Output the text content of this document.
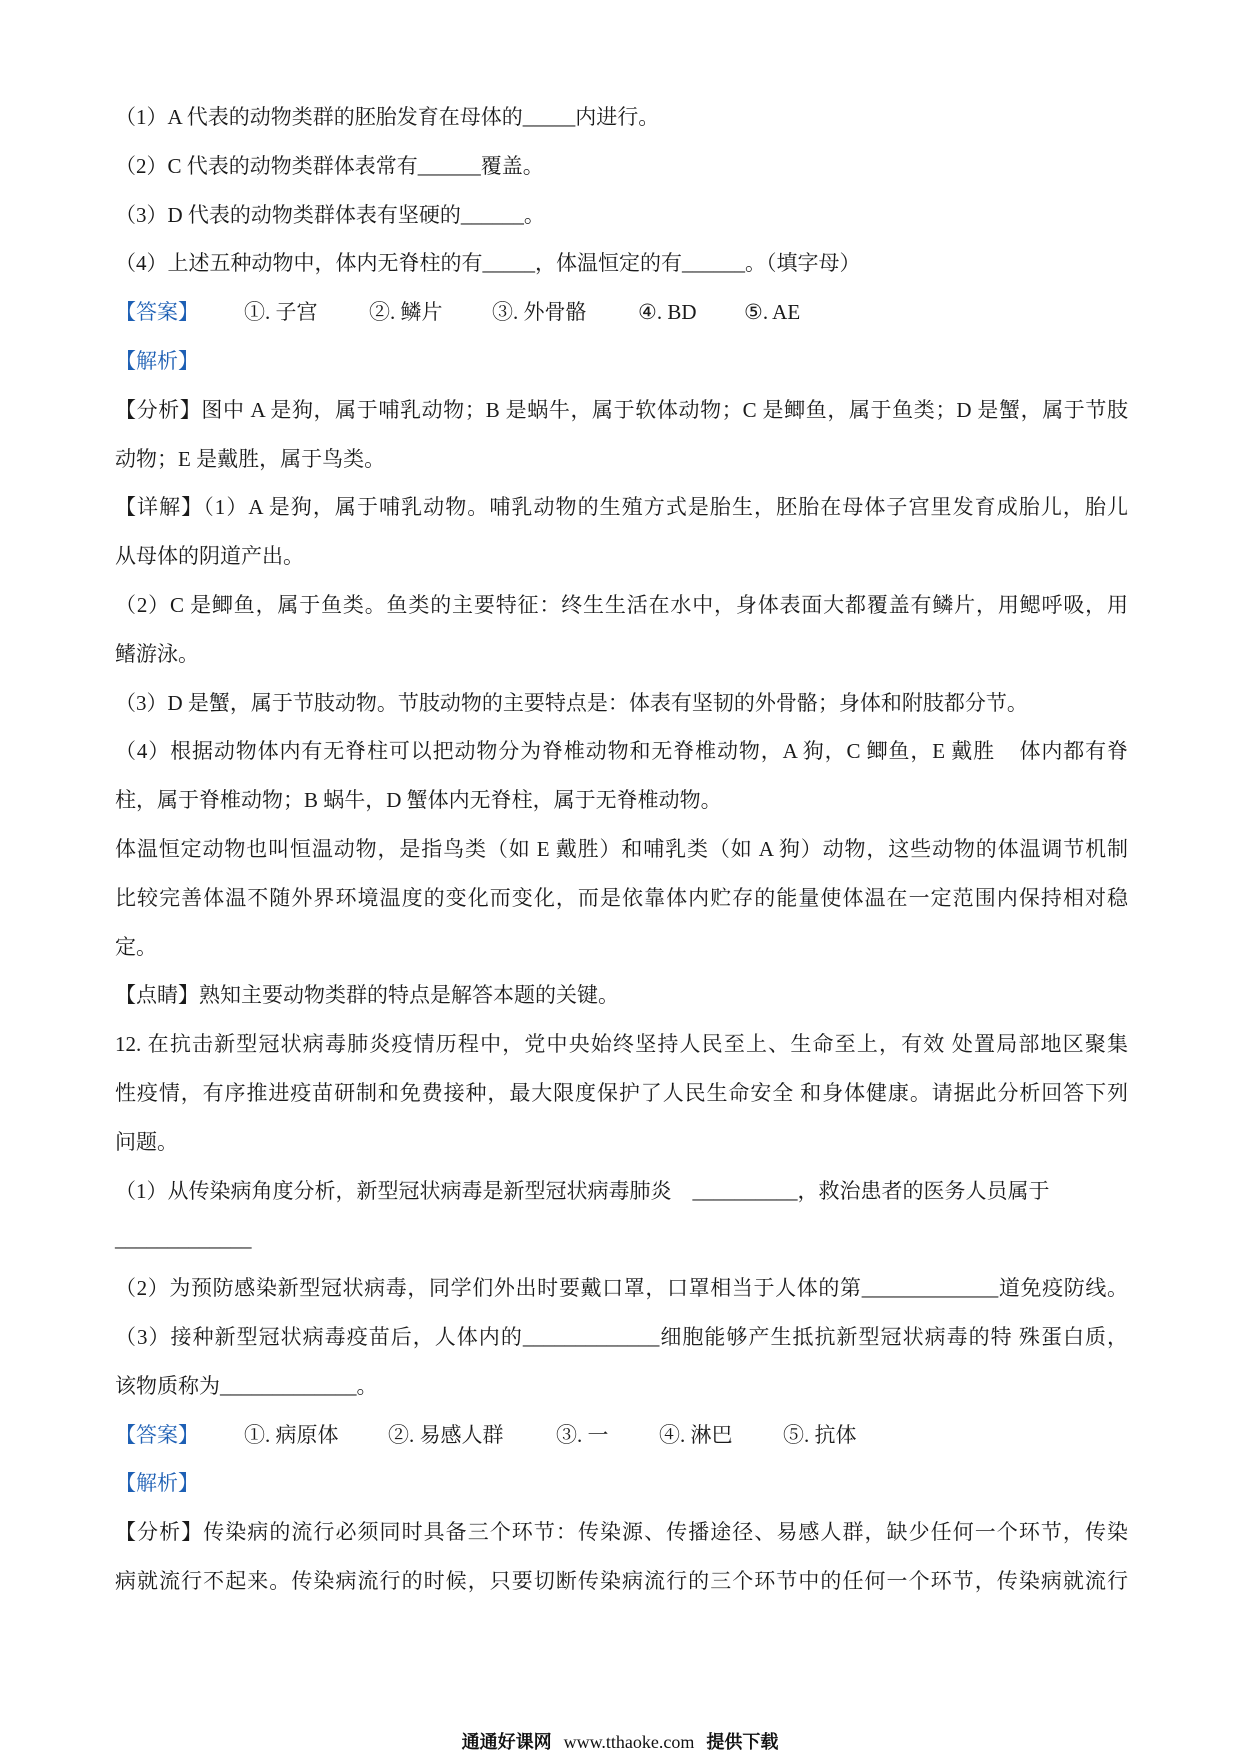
（1）A 代表的动物类群的胚胎发育在母体的_____内进行。
（2）C 代表的动物类群体表常有______覆盖。
（3）D 代表的动物类群体表有坚硬的______。
（4）上述五种动物中，体内无脊柱的有_____，体温恒定的有______。（填字母）
【答案】 ①. 子宫 ②. 鳞片 ③. 外骨骼 ④. BD ⑤. AE
【解析】
【分析】图中 A 是狗，属于哺乳动物；B 是蜗牛，属于软体动物；C 是鲫鱼，属于鱼类；D 是蟹，属于节肢
动物；E 是戴胜，属于鸟类。
【详解】（1）A 是狗，属于哺乳动物。哺乳动物的生殖方式是胎生，胚胎在母体子宫里发育成胎儿，胎儿
从母体的阴道产出。
（2）C 是鲫鱼，属于鱼类。鱼类的主要特征：终生生活在水中，身体表面大都覆盖有鳞片，用鳃呼吸，用
鳍游泳。
（3）D 是蟹，属于节肢动物。节肢动物的主要特点是：体表有坚韧的外骨骼；身体和附肢都分节。
（4）根据动物体内有无脊柱可以把动物分为脊椎动物和无脊椎动物，A 狗，C 鲫鱼，E 戴胜    体内都有脊
柱，属于脊椎动物；B 蜗牛，D 蟹体内无脊柱，属于无脊椎动物。
体温恒定动物也叫恒温动物，是指鸟类（如 E 戴胜）和哺乳类（如 A 狗）动物，这些动物的体温调节机制
比较完善体温不随外界环境温度的变化而变化，而是依靠体内贮存的能量使体温在一定范围内保持相对稳
定。
【点睛】熟知主要动物类群的特点是解答本题的关键。
12. 在抗击新型冠状病毒肺炎疫情历程中，党中央始终坚持人民至上、生命至上，有效 处置局部地区聚集
性疫情，有序推进疫苗研制和免费接种，最大限度保护了人民生命安全 和身体健康。请据此分析回答下列
问题。
（1）从传染病角度分析，新型冠状病毒是新型冠状病毒肺炎    __________，救治患者的医务人员属于
_____________
（2）为预防感染新型冠状病毒，同学们外出时要戴口罩，口罩相当于人体的第_____________道免疫防线。
（3）接种新型冠状病毒疫苗后，人体内的_____________细胞能够产生抵抗新型冠状病毒的特 殊蛋白质，
该物质称为_____________。
【答案】 ①. 病原体 ②. 易感人群	③. 一 ④. 淋巴 ⑤. 抗体
【解析】
【分析】传染病的流行必须同时具备三个环节：传染源、传播途径、易感人群，缺少任何一个环节，传染
病就流行不起来。传染病流行的时候，只要切断传染病流行的三个环节中的任何一个环节，传染病就流行
通通好课网 www.tthaoke.com 提供下载
